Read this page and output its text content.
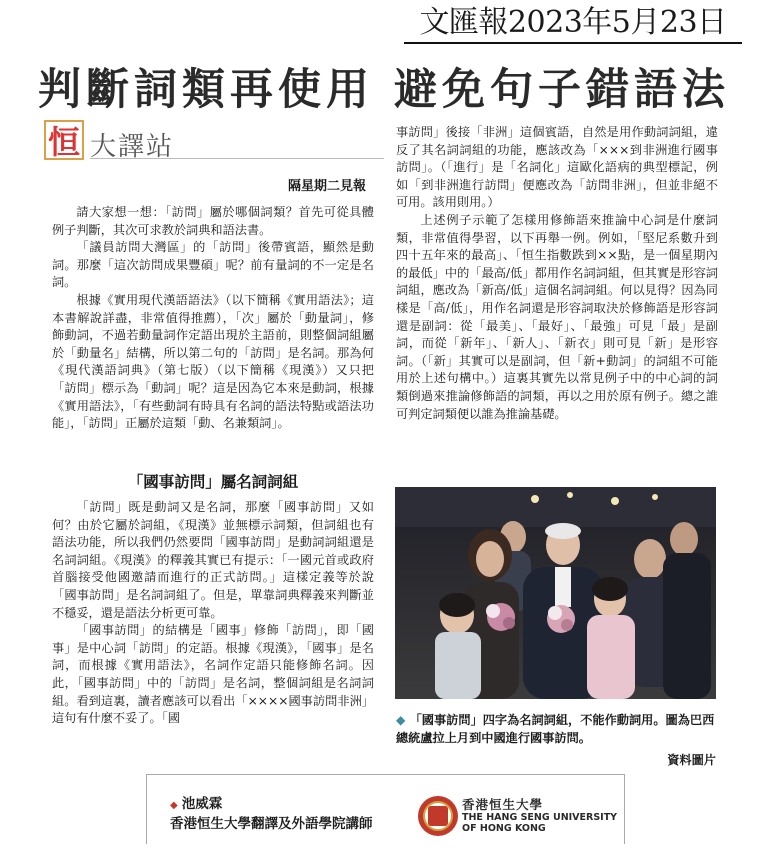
文匯報2023年5月23日
判斷詞類再使用 避免句子錯語法
恒 大譯站
隔星期二見報

請大家想一想：「訪問」屬於哪個詞類？首先可從具體例子判斷，其次可求教於詞典和語法書。

「議員訪問大灣區」的「訪問」後帶賓語，顯然是動詞。那麼「這次訪問成果豐碩」呢？前有量詞的不一定是名詞。

根據《實用現代漢語語法》（以下簡稱《實用語法》；這本書解說詳盡，非常值得推薦），「次」屬於「動量詞」，修飾動詞，不過若動量詞作定語出現於主語前，則整個詞組屬於「動量名」結構，所以第二句的「訪問」是名詞。那為何《現代漢語詞典》（第七版）（以下簡稱《現漢》）又只把「訪問」標示為「動詞」呢？這是因為它本來是動詞，根據《實用語法》，「有些動詞有時具有名詞的語法特點或語法功能」，「訪問」正屬於這類「動、名兼類詞」。

「國事訪問」屬名詞詞組

「訪問」既是動詞又是名詞，那麼「國事訪問」又如何？由於它屬於詞組，《現漢》並無標示詞類，但詞組也有語法功能，所以我們仍然要問「國事訪問」是動詞詞組還是名詞詞組。《現漢》的釋義其實已有提示：「一國元首或政府首腦接受他國邀請而進行的正式訪問。」這樣定義等於說「國事訪問」是名詞詞組了。但是，單靠詞典釋義來判斷並不穩妥，還是語法分析更可靠。

「國事訪問」的結構是「國事」修飾「訪問」，即「國事」是中心詞「訪問」的定語。根據《現漢》，「國事」是名詞，而根據《實用語法》，名詞作定語只能修飾名詞。因此，「國事訪問」中的「訪問」是名詞，整個詞組是名詞詞組。看到這裏，讀者應該可以看出「××××國事訪問非洲」這句有什麼不妥了。「國

事訪問」後接「非洲」這個賓語，自然是用作動詞詞組，違反了其名詞詞組的功能，應該改為「×××到非洲進行國事訪問」。（「進行」是「名詞化」這歐化語病的典型標記，例如「到非洲進行訪問」便應改為「訪問非洲」，但並非絕不可用。該用則用。）

上述例子示範了怎樣用修飾語來推論中心詞是什麼詞類，非常值得學習，以下再舉一例。例如，「堅尼系數升到四十五年來的最高」、「恒生指數跌到××點，是一個星期內的最低」中的「最高/低」都用作名詞詞組，但其實是形容詞詞組，應改為「新高/低」這個名詞詞組。何以見得？因為同樣是「高/低」，用作名詞還是形容詞取決於修飾語是形容詞還是副詞：從「最美」、「最好」、「最強」可見「最」是副詞，而從「新年」、「新人」、「新衣」則可見「新」是形容詞。（「新」其實可以是副詞，但「新+動詞」的詞組不可能用於上述句構中。）這裏其實先以常見例子中的中心詞的詞類倒過來推論修飾語的詞類，再以之用於原有例子。總之誰可判定詞類便以誰為推論基礎。

◆ 「國事訪問」四字為名詞詞組，不能作動詞用。圖為巴西總統盧拉上月到中國進行國事訪問。
資料圖片
◆ 池威霖
香港恒生大學翻譯及外語學院講師
香港恒生大學
THE HANG SENG UNIVERSITY
OF HONG KONG
